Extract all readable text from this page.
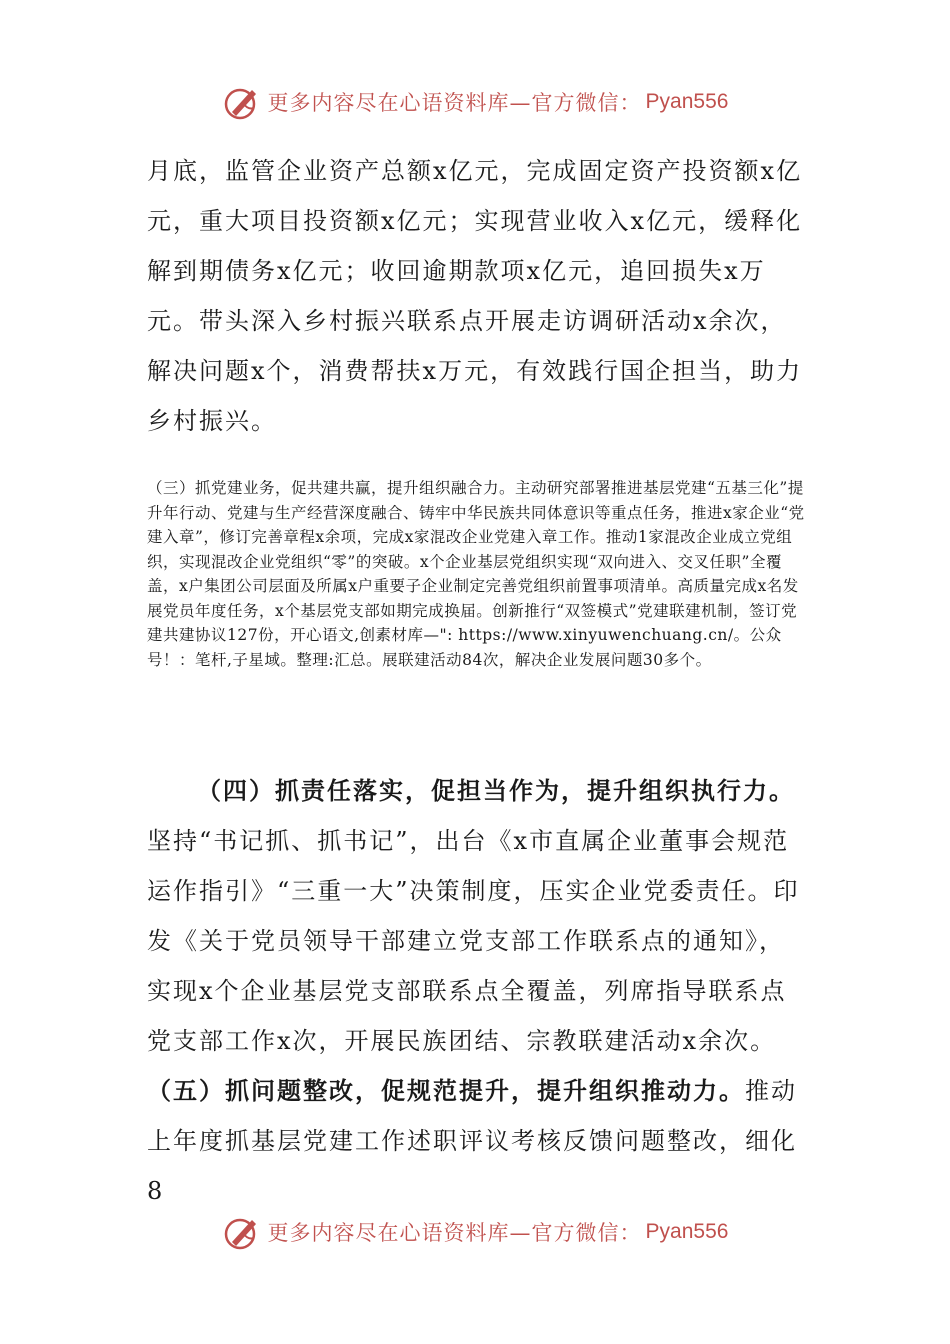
更多内容尽在心语资料库—官方微信： Pyan556

月底，监管企业资产总额x亿元，完成固定资产投资额x亿元，重大项目投资额x亿元；实现营业收入x亿元，缓释化解到期债务x亿元；收回逾期款项x亿元，追回损失x万元。带头深入乡村振兴联系点开展走访调研活动x余次，解决问题x个，消费帮扶x万元，有效践行国企担当，助力乡村振兴。

（三）抓党建业务，促共建共赢，提升组织融合力。主动研究部署推进基层党建“五基三化”提升年行动、党建与生产经营深度融合、铸牢中华民族共同体意识等重点任务，推进x家企业“党建入章”，修订完善章程x余项，完成x家混改企业党建入章工作。推动1家混改企业成立党组织，实现混改企业党组织“零”的突破。x个企业基层党组织实现“双向进入、交叉任职”全覆盖，x户集团公司层面及所属x户重要子企业制定完善党组织前置事项清单。高质量完成x名发展党员年度任务，x个基层党支部如期完成换届。创新推行“双签模式”党建联建机制，签订党建共建协议127份，开心语文,创素材库—": https://www.xinyuwenchuang.cn/。公众号！：笔杆,子星域。整理:汇总。展联建活动84次，解决企业发展问题30多个。

（四）抓责任落实，促担当作为，提升组织执行力。坚持“书记抓、抓书记”，出台《x市直属企业董事会规范运作指引》“三重一大”决策制度，压实企业党委责任。印发《关于党员领导干部建立党支部工作联系点的通知》，实现x个企业基层党支部联系点全覆盖，列席指导联系点党支部工作x次，开展民族团结、宗教联建活动x余次。
（五）抓问题整改，促规范提升，提升组织推动力。推动上年度抓基层党建工作述职评议考核反馈问题整改，细化8

更多内容尽在心语资料库—官方微信： Pyan556
